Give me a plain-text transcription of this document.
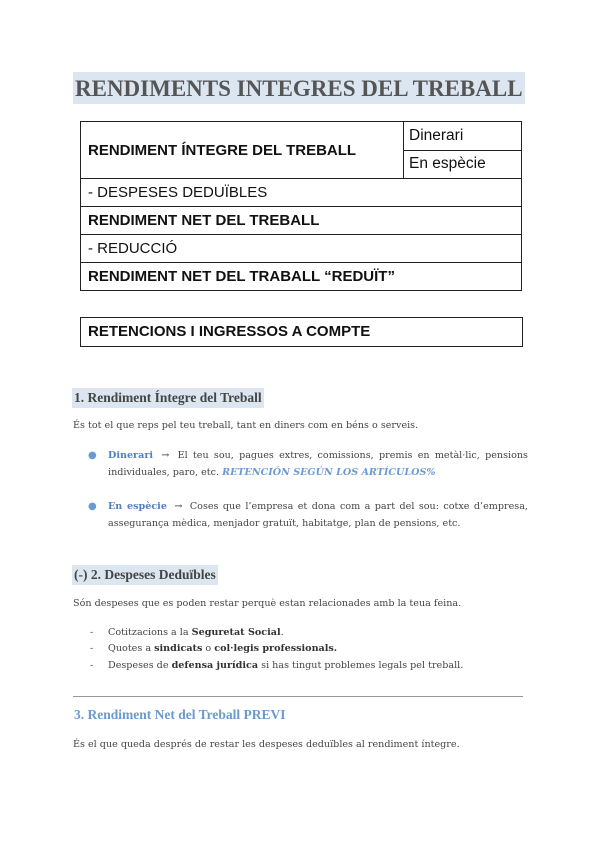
RENDIMENTS INTEGRES DEL TREBALL
RENDIMENT ÍNTEGRE DEL TREBALL	Dinerari
En espècie
- DESPESES DEDUÏBLES
RENDIMENT NET DEL TREBALL
- REDUCCIÓ
RENDIMENT NET DEL TRABALL “REDUÏT”
RETENCIONS I INGRESSOS A COMPTE
1. Rendiment Íntegre del Treball
És tot el que reps pel teu treball, tant en diners com en béns o serveis.
●	Dinerari → El teu sou, pagues extres, comissions, premis en metàl·lic, pensions individuales, paro, etc. RETENCIÓN SEGÚN LOS ARTÍCULOS%
●	En espècie → Coses que l’empresa et dona com a part del sou: cotxe d’empresa, assegurança mèdica, menjador gratuït, habitatge, plan de pensions, etc.
(-) 2. Despeses Deduïbles
Són despeses que es poden restar perquè estan relacionades amb la teua feina.
-	Cotitzacions a la Seguretat Social.
-	Quotes a sindicats o col·legis professionals.
-	Despeses de defensa jurídica si has tingut problemes legals pel treball.
3. Rendiment Net del Treball PREVI
És el que queda després de restar les despeses deduïbles al rendiment íntegre.
